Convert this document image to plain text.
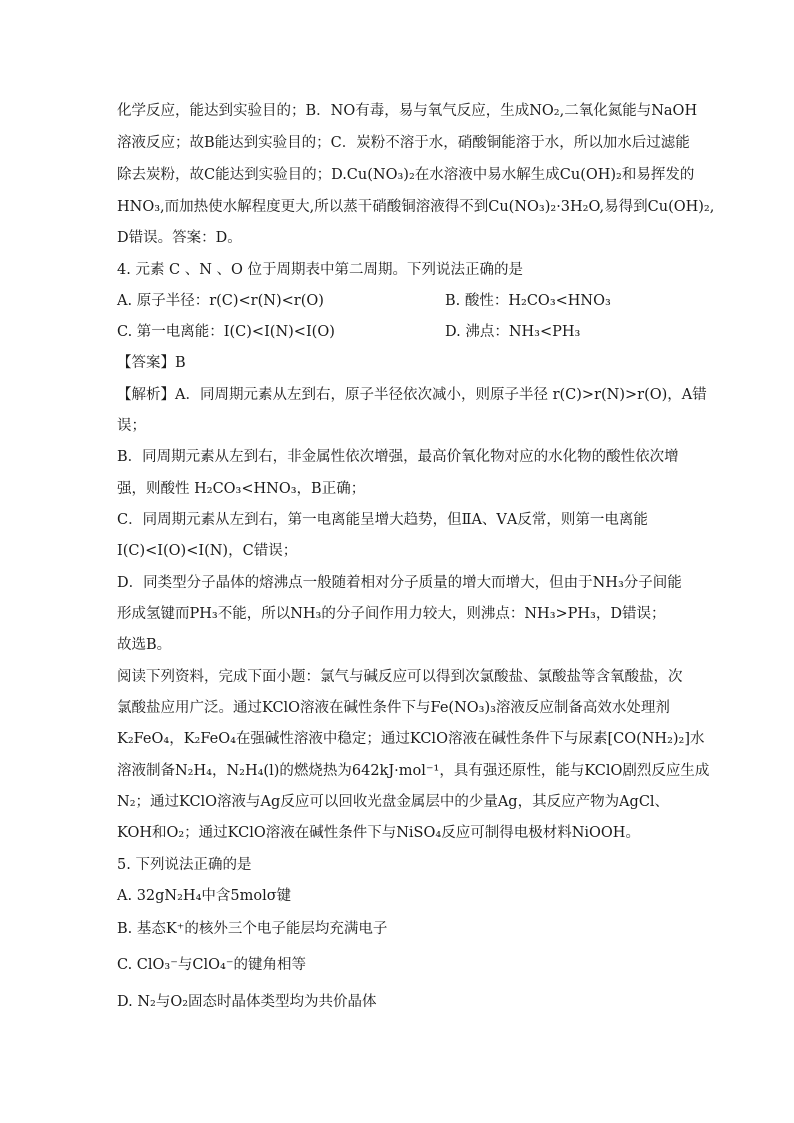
化学反应，能达到实验目的；B．NO有毒，易与氧气反应，生成NO₂,二氧化氮能与NaOH
溶液反应；故B能达到实验目的；C．炭粉不溶于水，硝酸铜能溶于水，所以加水后过滤能
除去炭粉，故C能达到实验目的；D.Cu(NO₃)₂在水溶液中易水解生成Cu(OH)₂和易挥发的
HNO₃,而加热使水解程度更大,所以蒸干硝酸铜溶液得不到Cu(NO₃)₂·3H₂O,易得到Cu(OH)₂,
D错误。答案：D。
4. 元素 C 、N 、O 位于周期表中第二周期。下列说法正确的是
A. 原子半径：r(C)<r(N)<r(O)	B. 酸性：H₂CO₃<HNO₃
C. 第一电离能：I(C)<I(N)<I(O)	D. 沸点：NH₃<PH₃
【答案】B
【解析】A．同周期元素从左到右，原子半径依次减小，则原子半径 r(C)>r(N)>r(O)，A错
误；
B．同周期元素从左到右，非金属性依次增强，最高价氧化物对应的水化物的酸性依次增
强，则酸性 H₂CO₃<HNO₃，B正确；
C．同周期元素从左到右，第一电离能呈增大趋势，但ⅡA、ⅤA反常，则第一电离能
I(C)<I(O)<I(N)，C错误；
D．同类型分子晶体的熔沸点一般随着相对分子质量的增大而增大，但由于NH₃分子间能
形成氢键而PH₃不能，所以NH₃的分子间作用力较大，则沸点：NH₃>PH₃，D错误；
故选B。
阅读下列资料，完成下面小题：氯气与碱反应可以得到次氯酸盐、氯酸盐等含氧酸盐，次
氯酸盐应用广泛。通过KClO溶液在碱性条件下与Fe(NO₃)₃溶液反应制备高效水处理剂
K₂FeO₄，K₂FeO₄在强碱性溶液中稳定；通过KClO溶液在碱性条件下与尿素[CO(NH₂)₂]水
溶液制备N₂H₄，N₂H₄(l)的燃烧热为642kJ·mol⁻¹，具有强还原性，能与KClO剧烈反应生成
N₂；通过KClO溶液与Ag反应可以回收光盘金属层中的少量Ag，其反应产物为AgCl、
KOH和O₂；通过KClO溶液在碱性条件下与NiSO₄反应可制得电极材料NiOOH。
5. 下列说法正确的是
A. 32gN₂H₄中含5molσ键
B. 基态K⁺的核外三个电子能层均充满电子
C. ClO₃⁻与ClO₄⁻的键角相等
D. N₂与O₂固态时晶体类型均为共价晶体
